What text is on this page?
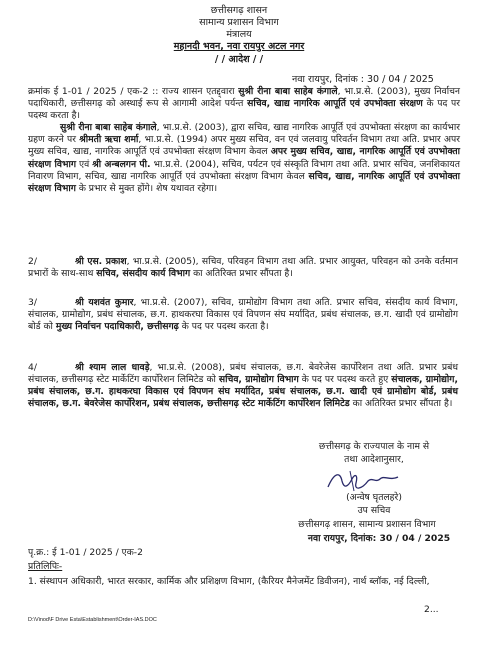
छत्तीसगढ़ शासन
सामान्य प्रशासन विभाग
मंत्रालय
महानदी भवन, नवा रायपुर अटल नगर
/ / आदेश / /
नवा रायपुर, दिनांक : 30 / 04 / 2025
क्रमांक ई 1-01 / 2025 / एक-2 :: राज्य शासन एतद्द्वारा सुश्री रीना बाबा साहेब कंगाले, भा.प्र.से. (2003), मुख्य निर्वाचन पदाधिकारी, छत्तीसगढ़ को अस्थाई रूप से आगामी आदेश पर्यन्त सचिव, खाद्य नागरिक आपूर्ति एवं उपभोक्ता संरक्षण के पद पर पदस्थ करता है।
सुश्री रीना बाबा साहेब कंगाले, भा.प्र.से. (2003), द्वारा सचिव, खाद्य नागरिक आपूर्ति एवं उपभोक्ता संरक्षण का कार्यभार ग्रहण करने पर श्रीमती ऋचा शर्मा, भा.प्र.से. (1994) अपर मुख्य सचिव, वन एवं जलवायु परिवर्तन विभाग तथा अति. प्रभार अपर मुख्य सचिव, खाद्य, नागरिक आपूर्ति एवं उपभोक्ता संरक्षण विभाग केवल अपर मुख्य सचिव, खाद्य, नागरिक आपूर्ति एवं उपभोक्ता संरक्षण विभाग एवं श्री अन्बलगन पी. भा.प्र.से. (2004), सचिव, पर्यटन एवं संस्कृति विभाग तथा अति. प्रभार सचिव, जनशिकायत निवारण विभाग, सचिव, खाद्य नागरिक आपूर्ति एवं उपभोक्ता संरक्षण विभाग केवल सचिव, खाद्य, नागरिक आपूर्ति एवं उपभोक्ता संरक्षण विभाग के प्रभार से मुक्त होंगे। शेष यथावत रहेगा।
2/	श्री एस. प्रकाश, भा.प्र.से. (2005), सचिव, परिवहन विभाग तथा अति. प्रभार आयुक्त, परिवहन को उनके वर्तमान प्रभारों के साथ-साथ सचिव, संसदीय कार्य विभाग का अतिरिक्त प्रभार सौंपता है।
3/	श्री यशवंत कुमार, भा.प्र.से. (2007), सचिव, ग्रामोद्योग विभाग तथा अति. प्रभार सचिव, संसदीय कार्य विभाग, संचालक, ग्रामोद्योग, प्रबंध संचालक, छ.ग. हाथकरघा विकास एवं विपणन संघ मर्यादित, प्रबंध संचालक, छ.ग. खादी एवं ग्रामोद्योग बोर्ड को मुख्य निर्वाचन पदाधिकारी, छत्तीसगढ़ के पद पर पदस्थ करता है।
4/	श्री श्याम लाल धावड़े, भा.प्र.से. (2008), प्रबंध संचालक, छ.ग. बेवरेजेस कार्पोरेशन तथा अति. प्रभार प्रबंध संचालक, छत्तीसगढ़ स्टेट मार्केटिंग कार्पोरेशन लिमिटेड को सचिव, ग्रामोद्योग विभाग के पद पर पदस्थ करते हुए संचालक, ग्रामोद्योग, प्रबंध संचालक, छ.ग. हाथकरघा विकास एवं विपणन संघ मर्यादित, प्रबंध संचालक, छ.ग. खादी एवं ग्रामोद्योग बोर्ड, प्रबंध संचालक, छ.ग. बेवरेजेस कार्पोरेशन, प्रबंध संचालक, छत्तीसगढ़ स्टेट मार्केटिंग कार्पोरेशन लिमिटेड का अतिरिक्त प्रभार सौंपता है।
छत्तीसगढ़ के राज्यपाल के नाम से
तथा आदेशानुसार,
(अन्वेष घृतलहरे)
उप सचिव
छत्तीसगढ़ शासन, सामान्य प्रशासन विभाग
नवा रायपुर, दिनांक: 30 / 04 / 2025
पृ.क्र.: ई 1-01 / 2025 / एक-2
प्रतिलिपिः-
1. संस्थापन अधिकारी, भारत सरकार, कार्मिक और प्रशिक्षण विभाग, (कैरियर मैनेजमेंट डिवीजन), नार्थ ब्लॉक, नई दिल्ली,
2...
D:\Vinod\F Drive Esta\Establishment\Order-IAS.DOC
